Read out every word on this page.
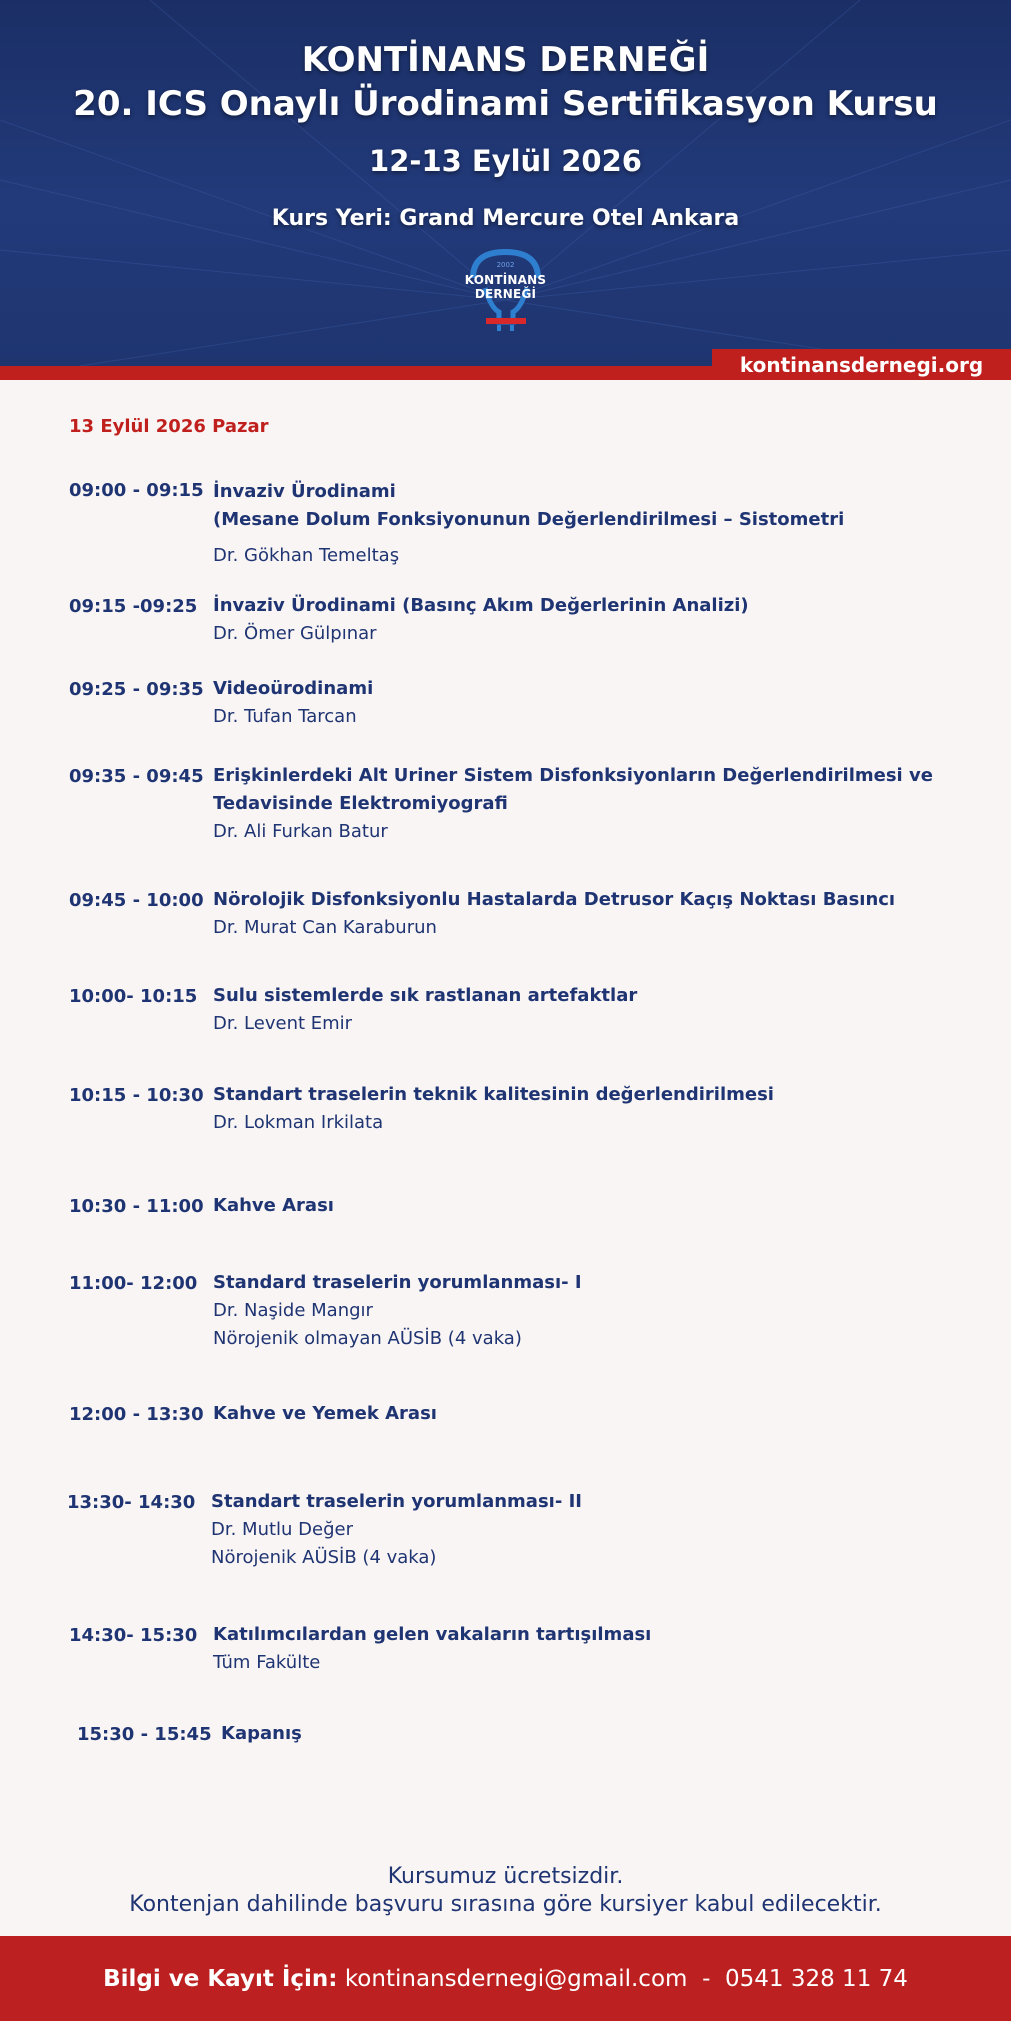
KONTİNANS DERNEĞİ
20. ICS Onaylı Ürodinami Sertifikasyon Kursu
12-13 Eylül 2026
Kurs Yeri: Grand Mercure Otel Ankara
2002
KONTİNANS DERNEĞİ
kontinansdernegi.org
13 Eylül 2026 Pazar
09:00 - 09:15 İnvaziv Ürodinami
(Mesane Dolum Fonksiyonunun Değerlendirilmesi – Sistometri
Dr. Gökhan Temeltaş
09:15 -09:25 İnvaziv Ürodinami (Basınç Akım Değerlerinin Analizi)
Dr. Ömer Gülpınar
09:25 - 09:35 Videoürodinami
Dr. Tufan Tarcan
09:35 - 09:45 Erişkinlerdeki Alt Uriner Sistem Disfonksiyonların Değerlendirilmesi ve
Tedavisinde Elektromiyografi
Dr. Ali Furkan Batur
09:45 - 10:00 Nörolojik Disfonksiyonlu Hastalarda Detrusor Kaçış Noktası Basıncı
Dr. Murat Can Karaburun
10:00- 10:15 Sulu sistemlerde sık rastlanan artefaktlar
Dr. Levent Emir
10:15 - 10:30 Standart traselerin teknik kalitesinin değerlendirilmesi
Dr. Lokman Irkilata
10:30 - 11:00 Kahve Arası
11:00- 12:00 Standard traselerin yorumlanması- I
Dr. Naşide Mangır
Nörojenik olmayan AÜSİB (4 vaka)
12:00 - 13:30 Kahve ve Yemek Arası
13:30- 14:30 Standart traselerin yorumlanması- II
Dr. Mutlu Değer
Nörojenik AÜSİB (4 vaka)
14:30- 15:30 Katılımcılardan gelen vakaların tartışılması
Tüm Fakülte
15:30 - 15:45 Kapanış
Kursumuz ücretsizdir.
Kontenjan dahilinde başvuru sırasına göre kursiyer kabul edilecektir.
Bilgi ve Kayıt İçin:
kontinansdernegi@gmail.com
-
0541 328 11 74
